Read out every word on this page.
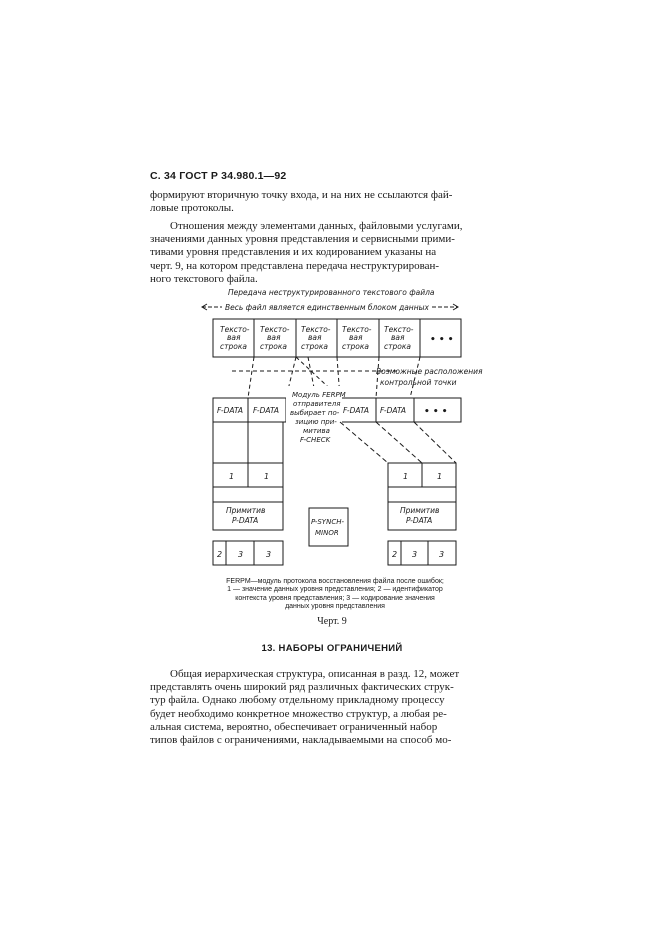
С. 34 ГОСТ Р 34.980.1—92
формируют вторичную точку входа, и на них не ссылаются фай-
ловые протоколы.
Отношения между элементами данных, файловыми услугами,
значениями данных уровня представления и сервисными прими-
тивами уровня представления и их кодированием указаны на
черт. 9, на котором представлена передача неструктурирован-
ного текстового файла.
Передача неструктурированного текстового файла
Весь файл является единственным блоком данных
Тексто-
вая
строка
Тексто-
вая
строка
Тексто-
вая
строка
Тексто-
вая
строка
Тексто-
вая
строка
• • •
Возможные расположения
контрольной точки
F-DATA F-DATA	F-DATA F-DATA • • •
Модуль FERPM
отправителя
выбирает по-
зицию при-
митива
F-CHECK
1	1	1	1
Примитив
P-DATA
Примитив
P-DATA
P-SYNCH-
MINOR
2 3	3	2 3	3
FERPM—модуль протокола восстановления файла после ошибок;
1 — значение данных уровня представления; 2 — идентификатор
контекста уровня представления; 3 — кодирование значения
данных уровня представления
Черт. 9
13. НАБОРЫ ОГРАНИЧЕНИЙ
Общая иерархическая структура, описанная в разд. 12, может
представлять очень широкий ряд различных фактических струк-
тур файла. Однако любому отдельному прикладному процессу
будет необходимо конкретное множество структур, а любая ре-
альная система, вероятно, обеспечивает ограниченный набор
типов файлов с ограничениями, накладываемыми на способ мо-
